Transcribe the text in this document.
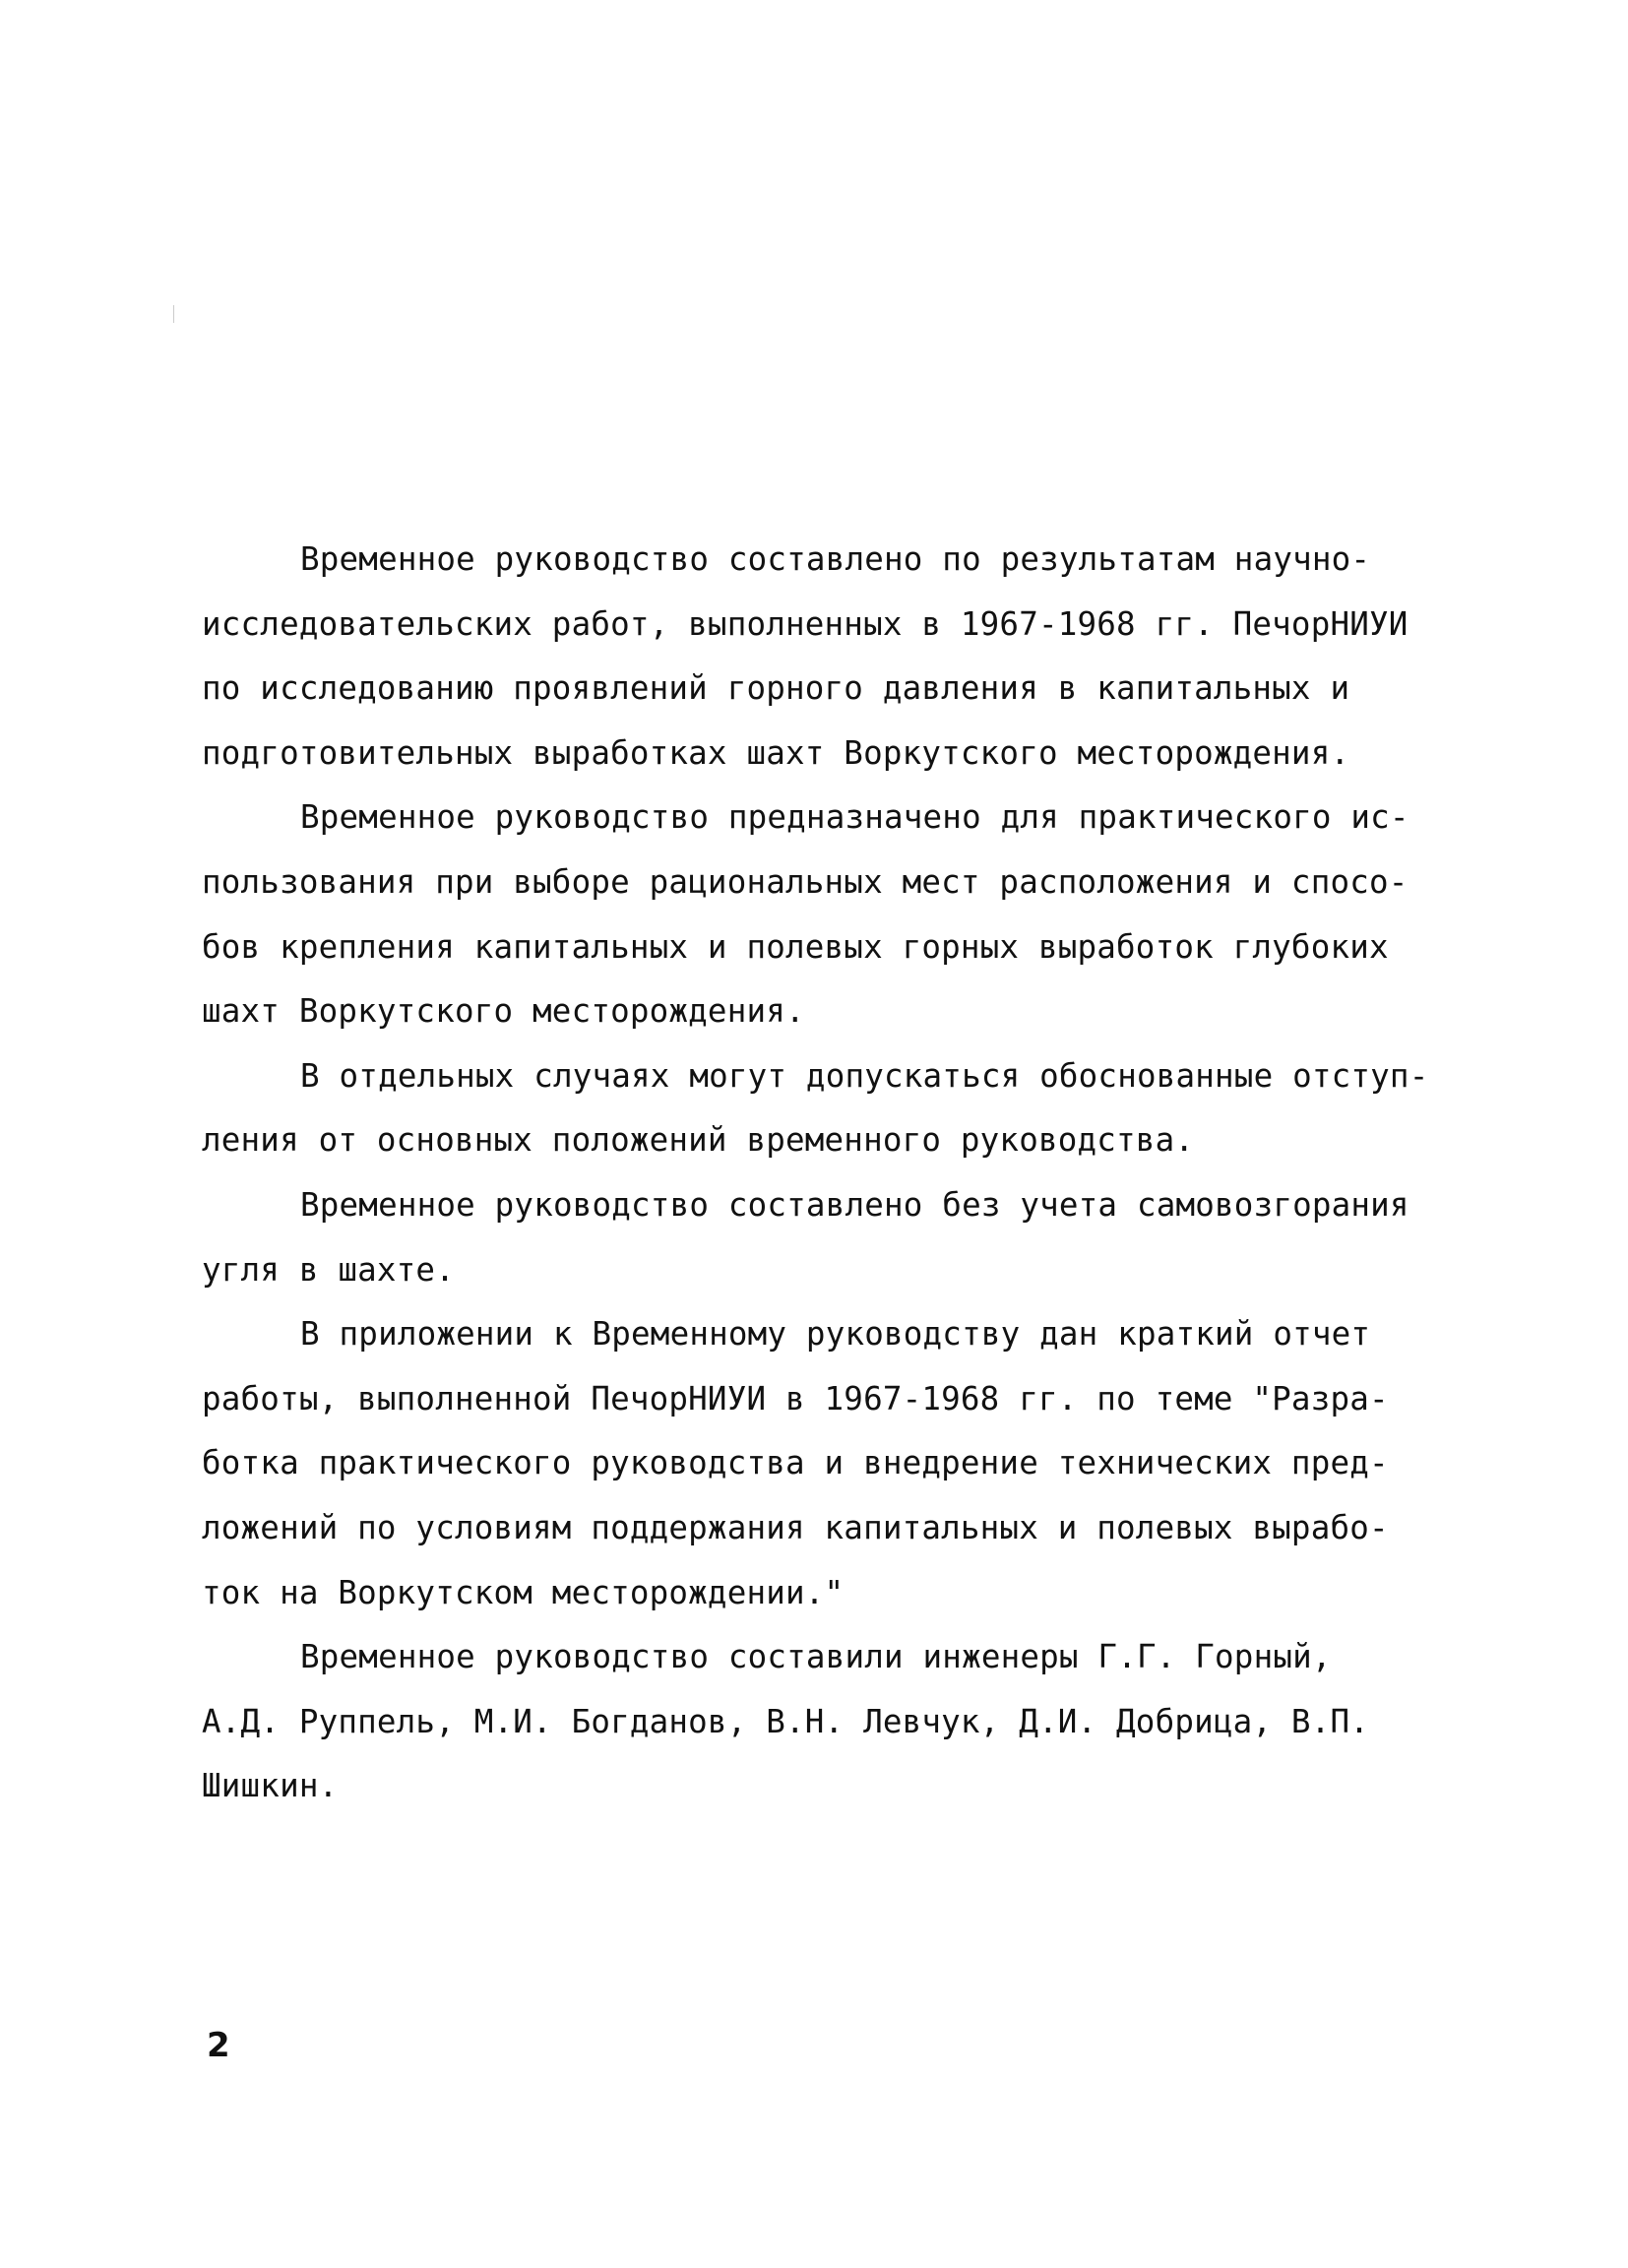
Временное руководство составлено по результатам научно-
исследовательских работ, выполненных в 1967-1968 гг. ПечорНИУИ
по исследованию проявлений горного давления в капитальных и
подготовительных выработках шахт Воркутского месторождения.
Временное руководство предназначено для практического ис-
пользования при выборе рациональных мест расположения и спосо-
бов крепления капитальных и полевых горных выработок глубоких
шахт Воркутского месторождения.
В отдельных случаях могут допускаться обоснованные отступ-
ления от основных положений временного руководства.
Временное руководство составлено без учета самовозгорания
угля в шахте.
В приложении к Временному руководству дан краткий отчет
работы, выполненной ПечорНИУИ в 1967-1968 гг. по теме "Разра-
ботка практического руководства и внедрение технических пред-
ложений по условиям поддержания капитальных и полевых вырабо-
ток на Воркутском месторождении."
Временное руководство составили инженеры Г.Г. Горный,
А.Д. Руппель, М.И. Богданов, В.Н. Левчук, Д.И. Добрица, В.П.
Шишкин.
2
